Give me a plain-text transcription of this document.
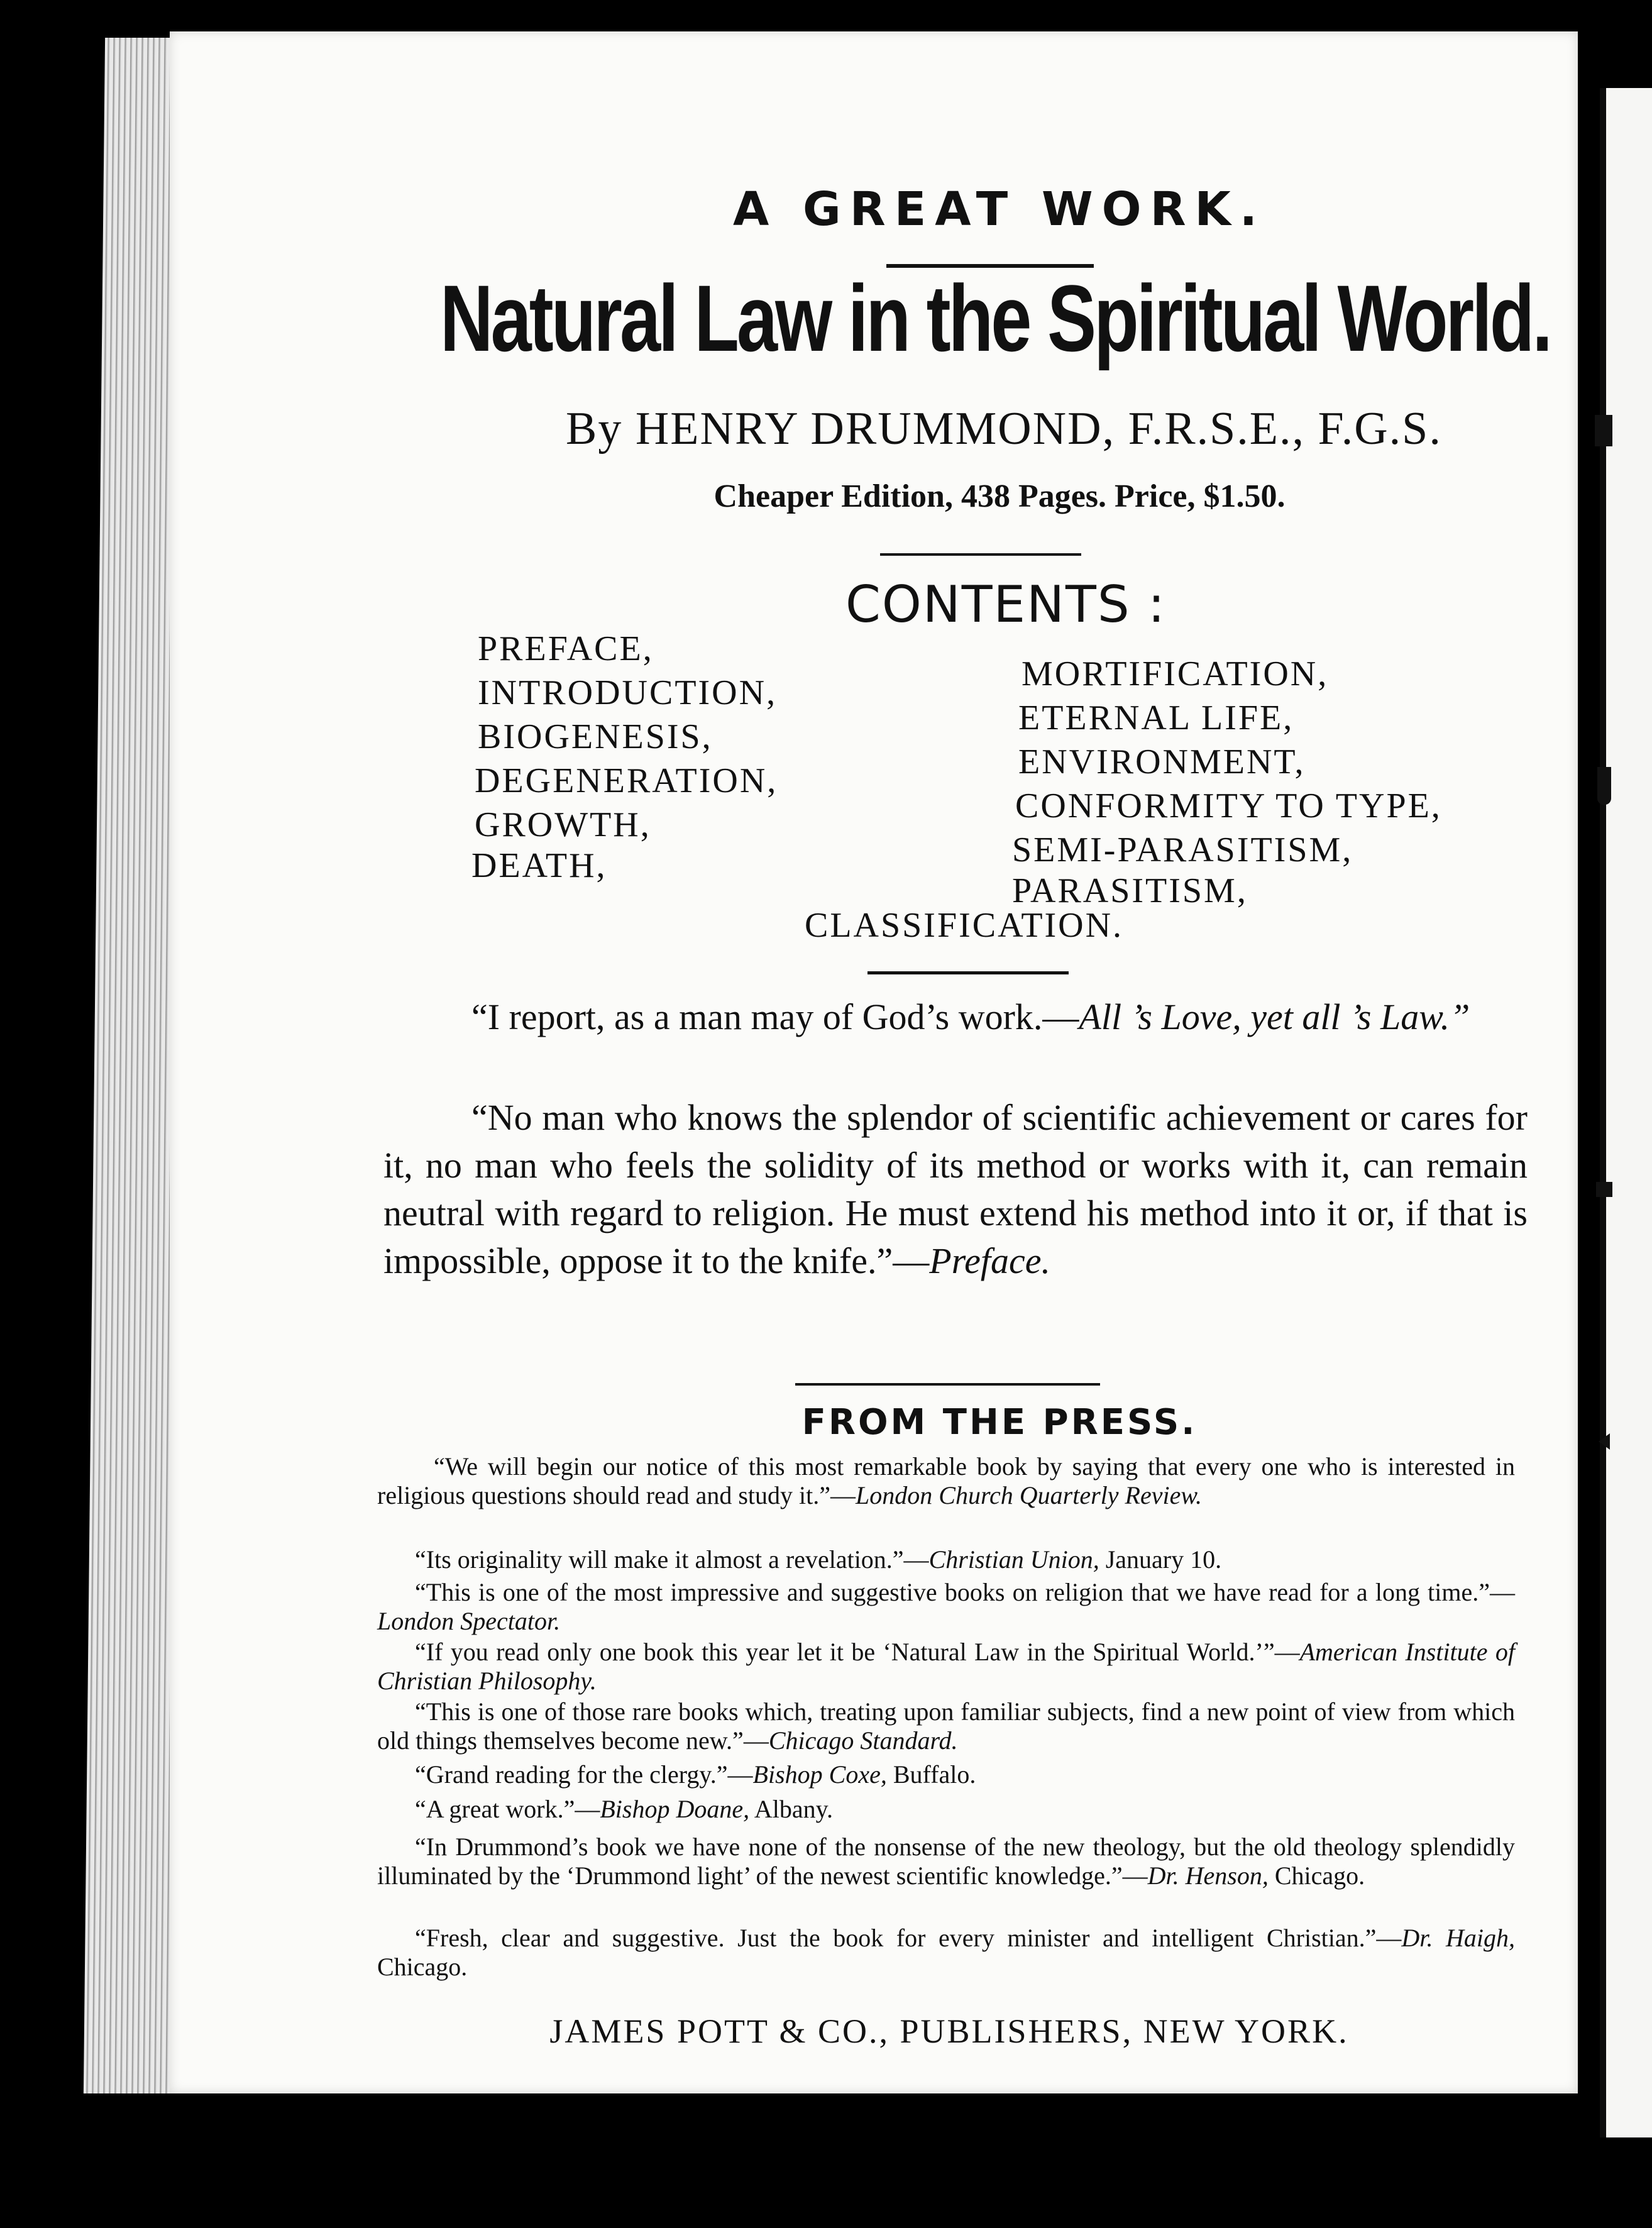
A GREAT WORK.
Natural Law in the Spiritual World.
By HENRY DRUMMOND, F.R.S.E., F.G.S.
Cheaper Edition, 438 Pages. Price, $1.50.
CONTENTS :
PREFACE,
INTRODUCTION,
BIOGENESIS,
DEGENERATION,
GROWTH,
DEATH,
MORTIFICATION,
ETERNAL LIFE,
ENVIRONMENT,
CONFORMITY TO TYPE,
SEMI-PARASITISM,
PARASITISM,
CLASSIFICATION.
“I report, as a man may of God’s work.—All ’s Love, yet all ’s Law.”
“No man who knows the splendor of scientific achievement or cares for it, no man who feels the solidity of its method or works with it, can remain neutral with regard to religion. He must extend his method into it or, if that is impossible, oppose it to the knife.”—Preface.
FROM THE PRESS.
“We will begin our notice of this most remarkable book by saying that every one who is interested in religious questions should read and study it.”—London Church Quarterly Review.
“Its originality will make it almost a revelation.”—Christian Union, January 10.
“This is one of the most impressive and suggestive books on religion that we have read for a long time.”—London Spectator.
“If you read only one book this year let it be ‘Natural Law in the Spiritual World.’”—American Institute of Christian Philosophy.
“This is one of those rare books which, treating upon familiar subjects, find a new point of view from which old things themselves become new.”—Chicago Standard.
“Grand reading for the clergy.”—Bishop Coxe, Buffalo.
“A great work.”—Bishop Doane, Albany.
“In Drummond’s book we have none of the nonsense of the new theology, but the old theology splendidly illuminated by the ‘Drummond light’ of the newest scientific knowledge.”—Dr. Henson, Chicago.
“Fresh, clear and suggestive. Just the book for every minister and intelligent Christian.”—Dr. Haigh, Chicago.
JAMES POTT & CO., PUBLISHERS, NEW YORK.
